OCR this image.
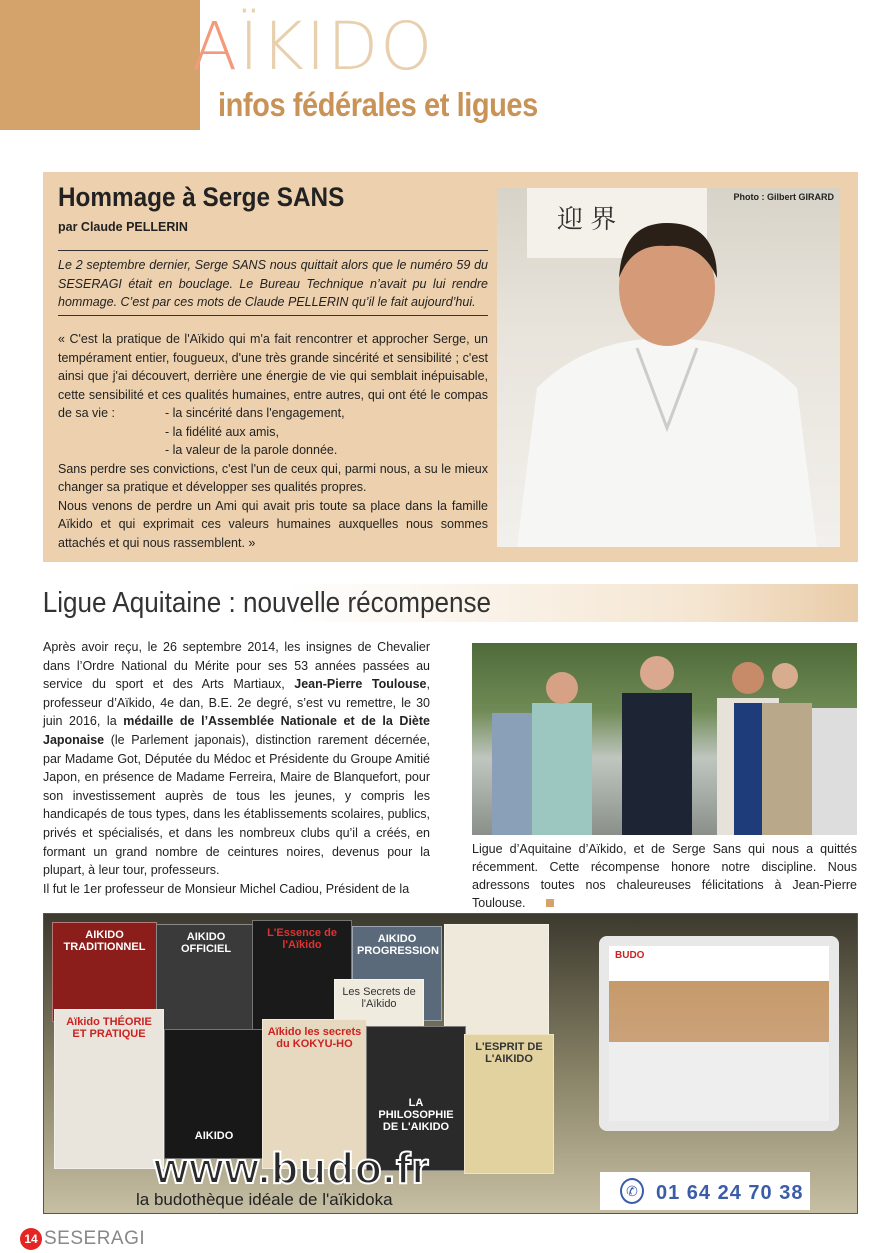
AÏKIDO
infos fédérales et ligues
Hommage à Serge SANS
par Claude PELLERIN
Le 2 septembre dernier, Serge SANS nous quittait alors que le numéro 59 du SESERAGI était en bouclage. Le Bureau Technique n’avait pu lui rendre hommage. C’est par ces mots de Claude PELLERIN qu’il le fait aujourd’hui.
« C'est la pratique de l'Aïkido qui m'a fait rencontrer et approcher Serge, un tempérament entier, fougueux, d'une très grande sincérité et sensibilité ; c'est ainsi que j'ai découvert, derrière une énergie de vie qui semblait inépuisable, cette sensibilité et ces qualités humaines, entre autres, qui ont été le compas de sa vie :	- la sincérité dans l'engagement,
- la fidélité aux amis,
- la valeur de la parole donnée.
Sans perdre ses convictions, c'est l'un de ceux qui, parmi nous, a su le mieux changer sa pratique et développer ses qualités propres.
Nous venons de perdre un Ami qui avait pris toute sa place dans la famille Aïkido et qui exprimait ces valeurs humaines auxquelles nous sommes attachés et qui nous rassemblent. »
迎 界
Photo : Gilbert GIRARD
Ligue Aquitaine : nouvelle récompense

Après avoir reçu, le 26 septembre 2014, les insignes de Chevalier dans l’Ordre National du Mérite pour ses 53 années passées au service du sport et des Arts Martiaux, Jean-Pierre Toulouse, professeur d’Aïkido, 4e dan, B.E. 2e degré, s’est vu remettre, le 30 juin 2016, la médaille de l’Assemblée Nationale et de la Diète Japonaise (le Parlement japonais), distinction rarement décernée, par Madame Got, Députée du Médoc et Présidente du Groupe Amitié Japon, en présence de Madame Ferreira, Maire de Blanquefort, pour son investissement auprès de tous les jeunes, y compris les handicapés de tous types, dans les établissements scolaires, publics, privés et spécialisés, et dans les nombreux clubs qu’il a créés, en formant un grand nombre de ceintures noires, devenus pour la plupart, à leur tour, professeurs.

Il fut le 1er professeur de Monsieur Michel Cadiou, Président de la

Ligue d’Aquitaine d’Aïkido, et de Serge Sans qui nous a quittés récemment. Cette récompense honore notre discipline. Nous adressons toutes nos chaleureuses félicitations à Jean-Pierre Toulouse.
AIKIDO TRADITIONNEL
AIKIDO OFFICIEL
L'Essence de l'Aïkido
AIKIDO PROGRESSION
Les Secrets de l'Aïkido
Aïkido THÉORIE ET PRATIQUE
AIKIDO
Aïkido les secrets du KOKYU-HO
LA PHILOSOPHIE DE L'AIKIDO
L'ESPRIT DE L'AIKIDO
www.budo.fr
la budothèque idéale de l'aïkidoka
BUDO
✆ 01 64 24 70 38
14 SESERAGI
